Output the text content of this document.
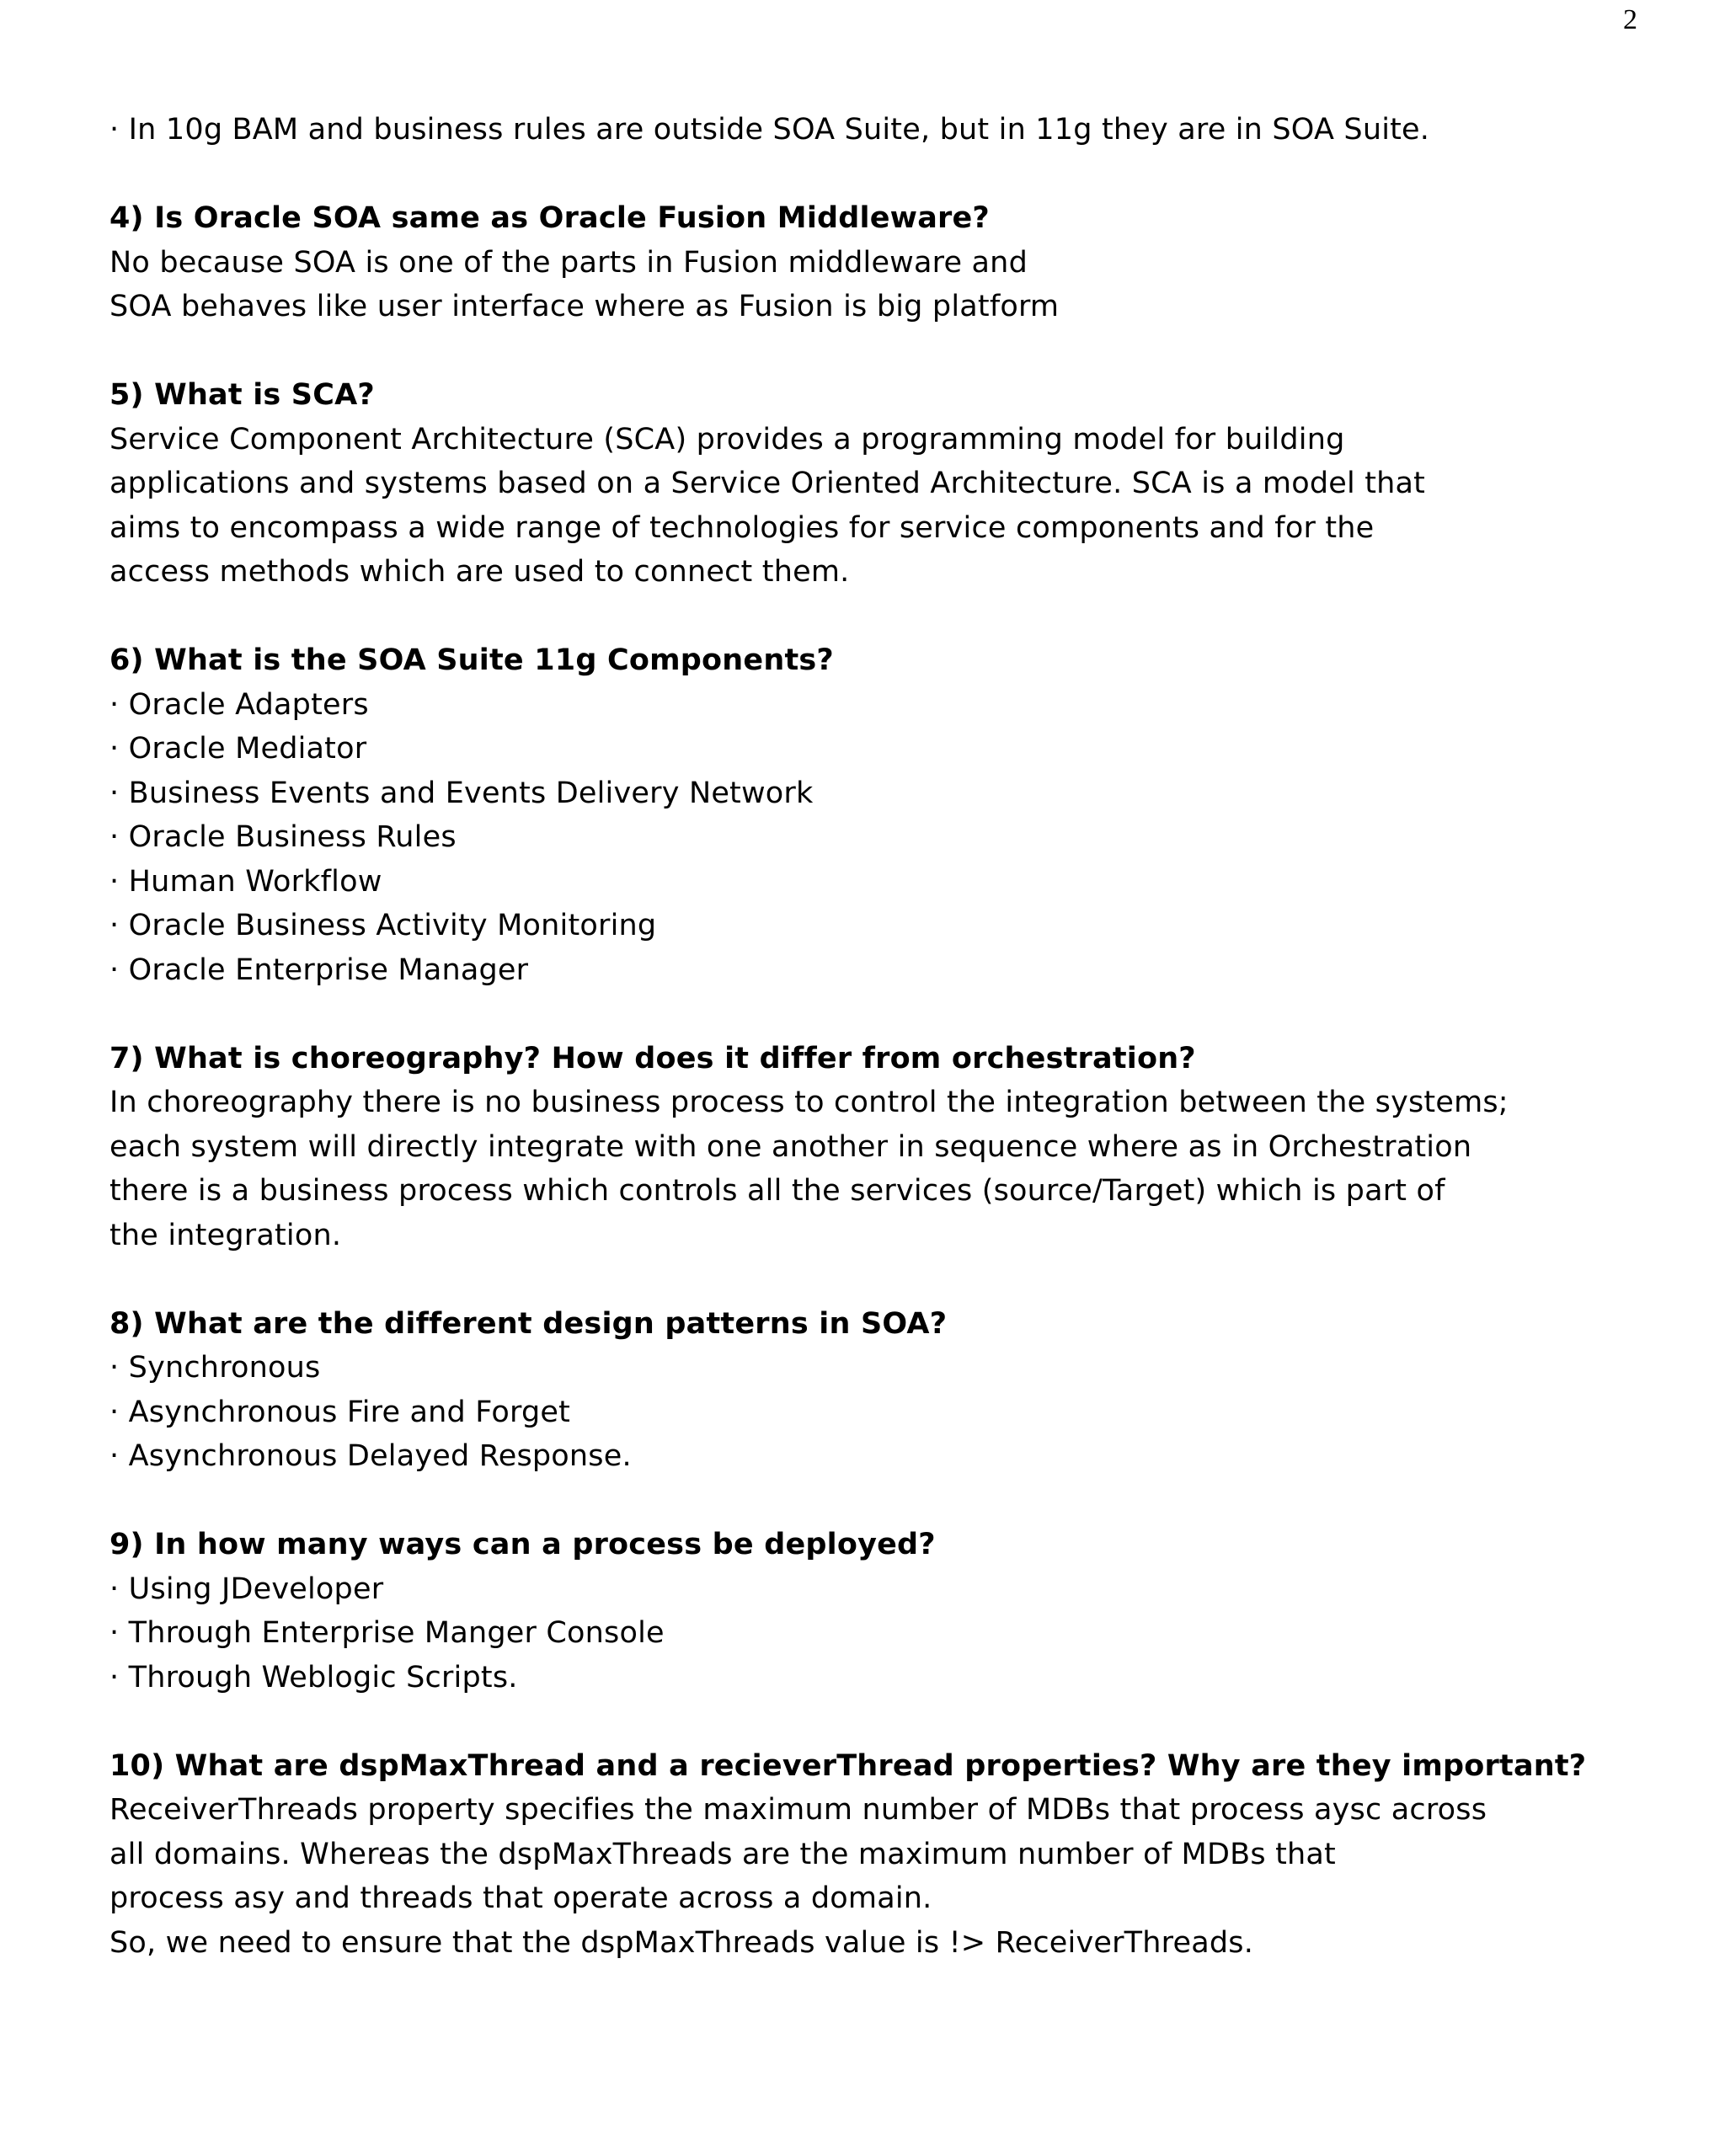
2
· In 10g BAM and business rules are outside SOA Suite, but in 11g they are in SOA Suite.
4) Is Oracle SOA same as Oracle Fusion Middleware?
No because SOA is one of the parts in Fusion middleware and
SOA behaves like user interface where as Fusion is big platform
5) What is SCA?
Service Component Architecture (SCA) provides a programming model for building
applications and systems based on a Service Oriented Architecture. SCA is a model that
aims to encompass a wide range of technologies for service components and for the
access methods which are used to connect them.
6) What is the SOA Suite 11g Components?
· Oracle Adapters
· Oracle Mediator
· Business Events and Events Delivery Network
· Oracle Business Rules
· Human Workflow
· Oracle Business Activity Monitoring
· Oracle Enterprise Manager
7) What is choreography? How does it differ from orchestration?
In choreography there is no business process to control the integration between the systems;
each system will directly integrate with one another in sequence where as in Orchestration
there is a business process which controls all the services (source/Target) which is part of
the integration.
8) What are the different design patterns in SOA?
· Synchronous
· Asynchronous Fire and Forget
· Asynchronous Delayed Response.
9) In how many ways can a process be deployed?
· Using JDeveloper
· Through Enterprise Manger Console
· Through Weblogic Scripts.
10) What are dspMaxThread and a recieverThread properties? Why are they important?
ReceiverThreads property specifies the maximum number of MDBs that process aysc across
all domains. Whereas the dspMaxThreads are the maximum number of MDBs that
process asy and threads that operate across a domain.
So, we need to ensure that the dspMaxThreads value is !> ReceiverThreads.
